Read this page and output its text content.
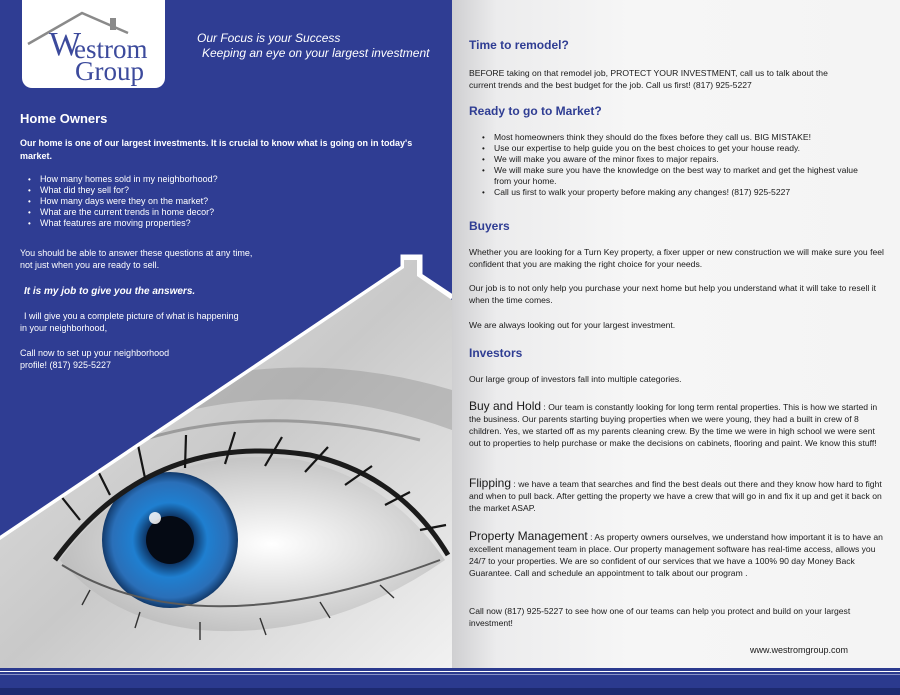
W
estrom
Group
Our Focus is your Success
Keeping an eye on your largest investment
Home Owners
Our home is one of our largest investments. It is crucial to know what is going on in today's market.
• How many homes sold in my neighborhood?
• What did they sell for?
• How many days were they on the market?
• What are the current trends in home decor?
• What features are moving properties?
You should be able to answer these questions at any time,
not just when you are ready to sell.
It is my job to give you the answers.
I will give you a complete picture of what is happening
in your neighborhood,
Call now to set up your neighborhood
profile! (817) 925-5227
Time to remodel?
BEFORE taking on that remodel job, PROTECT YOUR INVESTMENT, call us to talk about the
current trends and the best budget for the job. Call us first! (817) 925-5227
Ready to go to Market?
• Most homeowners think they should do the fixes before they call us. BIG MISTAKE!
• Use our expertise to help guide you on the best choices to get your house ready.
• We will make you aware of the minor fixes to major repairs.
• We will make sure you have the knowledge on the best way to market and get the highest value from your home.
• Call us first to walk your property before making any changes! (817) 925-5227
Buyers
Whether you are looking for a Turn Key property, a fixer upper or new construction we will make sure you feel confident that you are making the right choice for your needs.
Our job is to not only help you purchase your next home but help you understand what it will take to resell it when the time comes.
We are always looking out for your largest investment.
Investors
Our large group of investors fall into multiple categories.
Buy and Hold : Our team is constantly looking for long term rental properties. This is how we started in the business. Our parents starting buying properties when we were young, they had a built in crew of 8 children. Yes, we started off as my parents cleaning crew. By the time we were in high school we were sent out to properties to help purchase or make the decisions on cabinets, flooring and paint. We know this stuff!
Flipping : we have a team that searches and find the best deals out there and they know how hard to fight and when to pull back. After getting the property we have a crew that will go in and fix it up and get it back on the market ASAP.
Property Management : As property owners ourselves, we understand how important it is to have an excellent management team in place. Our property management software has real-time access, allows you 24/7 to your properties. We are so confident of our services that we have a 100% 90 day Money Back Guarantee. Call and schedule an appointment to talk about our program .
Call now (817) 925-5227 to see how one of our teams can help you protect and build on your largest investment!
www.westromgroup.com
